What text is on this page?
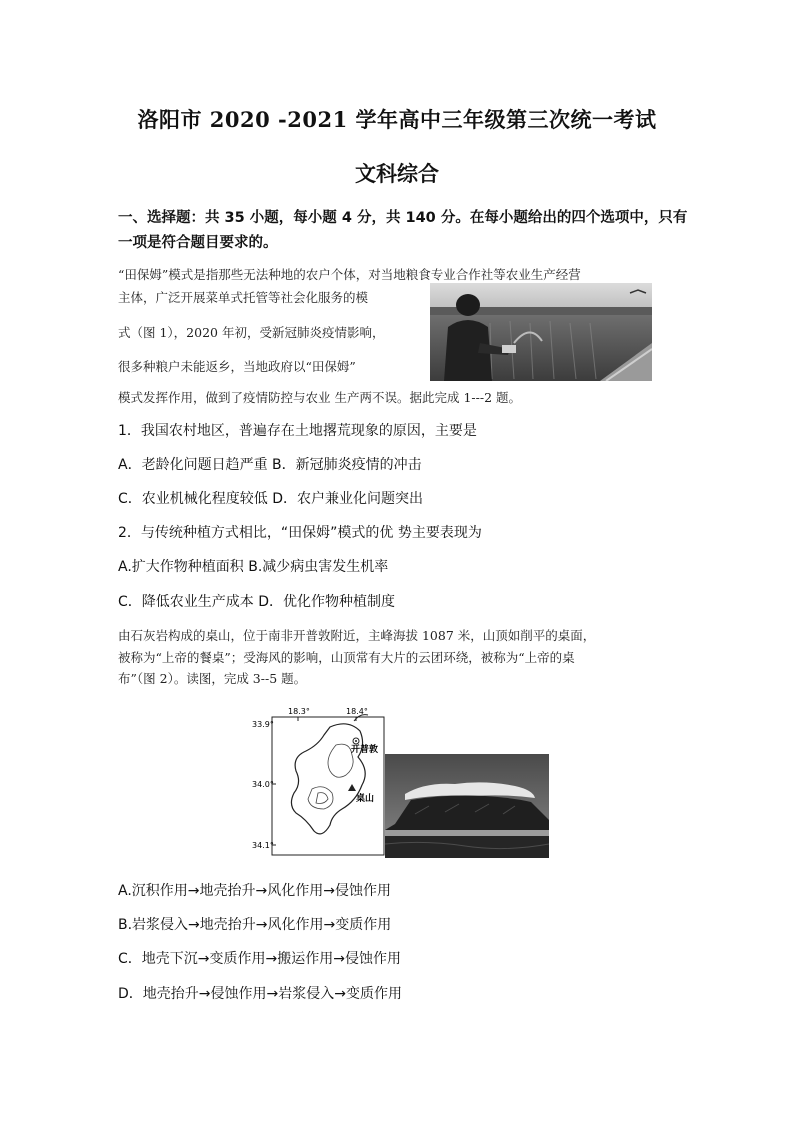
洛阳市 2020 -2021 学年高中三年级第三次统一考试
文科综合
一、选择题：共 35 小题，每小题 4 分，共 140 分。在每小题给出的四个选项中，只有
一项是符合题目要求的。
“田保姆”模式是指那些无法种地的农户个体，对当地粮食专业合作社等农业生产经营
主体，广泛开展菜单式托管等社会化服务的模
式（图 1），2020 年初，受新冠肺炎疫情影响，
很多种粮户未能返乡，当地政府以“田保姆”
模式发挥作用，做到了疫情防控与农业 生产两不误。据此完成 1---2 题。
1．我国农村地区，普遍存在土地撂荒现象的原因，主要是
A．老龄化问题日趋严重 B．新冠肺炎疫情的冲击
C．农业机械化程度较低 D．农户兼业化问题突出
2．与传统种植方式相比，“田保姆”模式的优 势主要表现为
A.扩大作物种植面积 B.减少病虫害发生机率
C．降低农业生产成本 D．优化作物种植制度
由石灰岩构成的桌山，位于南非开普敦附近，主峰海拔 1087 米，山顶如削平的桌面，
被称为“上帝的餐桌”；受海风的影响，山顶常有大片的云团环绕，被称为“上帝的桌
布”（图 2）。读图，完成 3--5 题。
18.3°	18.4°
33.9°
34.0°
34.1°
开普敦
桌山
A.沉积作用→地壳抬升→风化作用→侵蚀作用
B.岩浆侵入→地壳抬升→风化作用→变质作用
C．地壳下沉→变质作用→搬运作用→侵蚀作用
D．地壳抬升→侵蚀作用→岩浆侵入→变质作用
